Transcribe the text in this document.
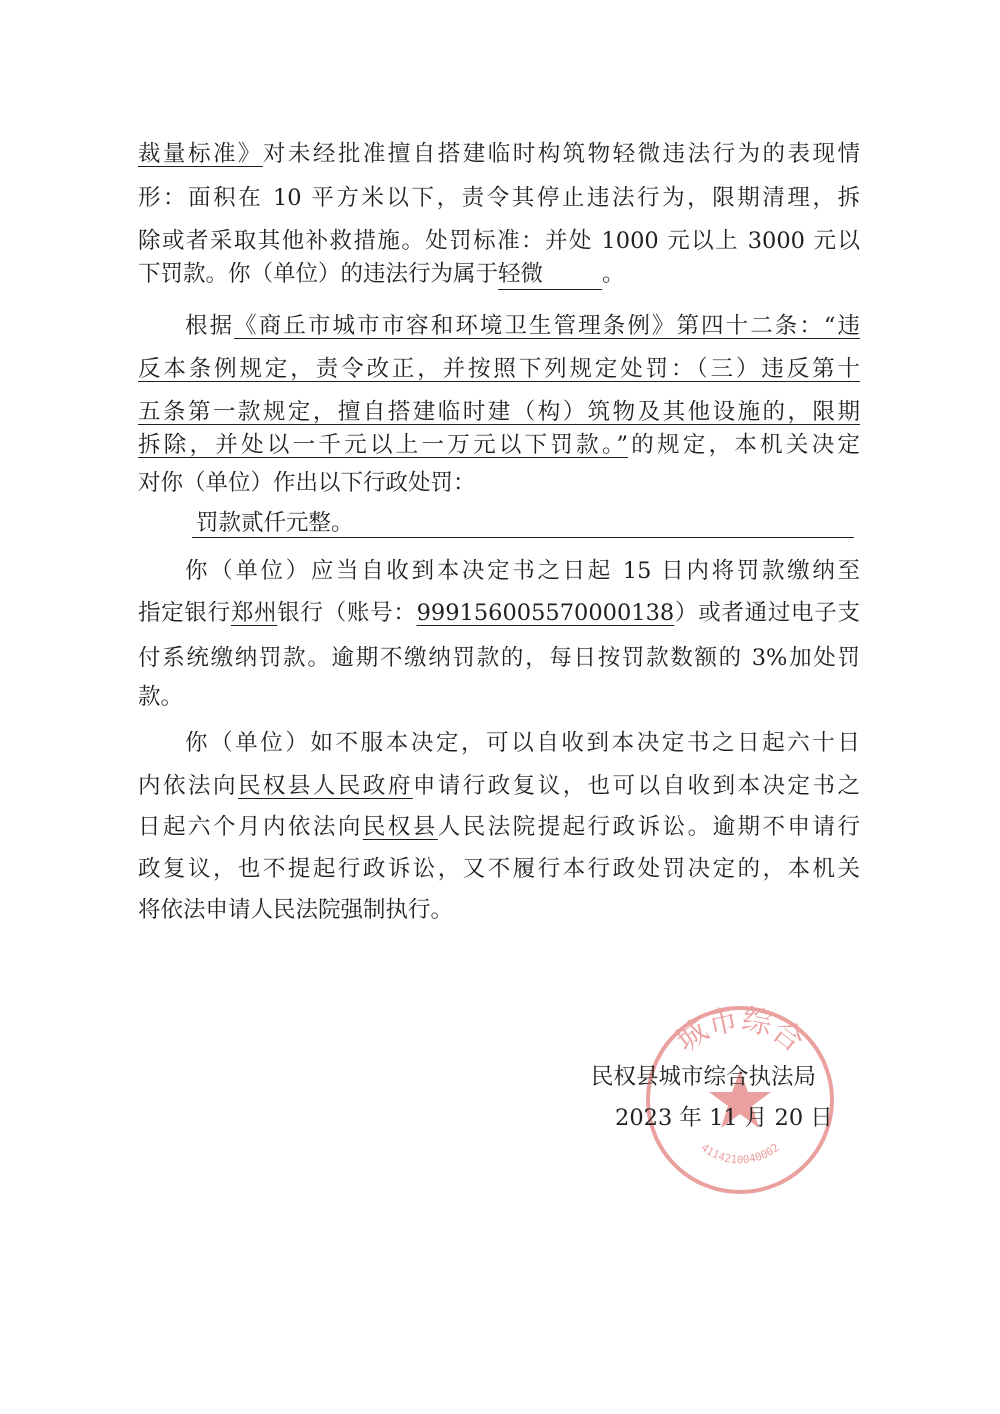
裁量标准》对未经批准擅自搭建临时构筑物轻微违法行为的表现情
形：面积在 10 平方米以下，责令其停止违法行为，限期清理，拆
除或者采取其他补救措施。处罚标准：并处 1000 元以上 3000 元以
下罚款。你（单位）的违法行为属于轻微	。
根据《商丘市城市市容和环境卫生管理条例》第四十二条：“违
反本条例规定，责令改正，并按照下列规定处罚：（三）违反第十
五条第一款规定，擅自搭建临时建（构）筑物及其他设施的，限期
拆除，并处以一千元以上一万元以下罚款。”的规定，本机关决定
对你（单位）作出以下行政处罚：
罚款贰仟元整。
你（单位）应当自收到本决定书之日起 15 日内将罚款缴纳至
指定银行郑州银行（账号：999156005570000138）或者通过电子支
付系统缴纳罚款。逾期不缴纳罚款的，每日按罚款数额的 3%加处罚
款。
你（单位）如不服本决定，可以自收到本决定书之日起六十日
内依法向民权县人民政府申请行政复议，也可以自收到本决定书之
日起六个月内依法向民权县人民法院提起行政诉讼。逾期不申请行
政复议，也不提起行政诉讼，又不履行本行政处罚决定的，本机关
将依法申请人民法院强制执行。
城市综合
4114210040002
民权县城市综合执法局
2023 年 11 月 20 日
